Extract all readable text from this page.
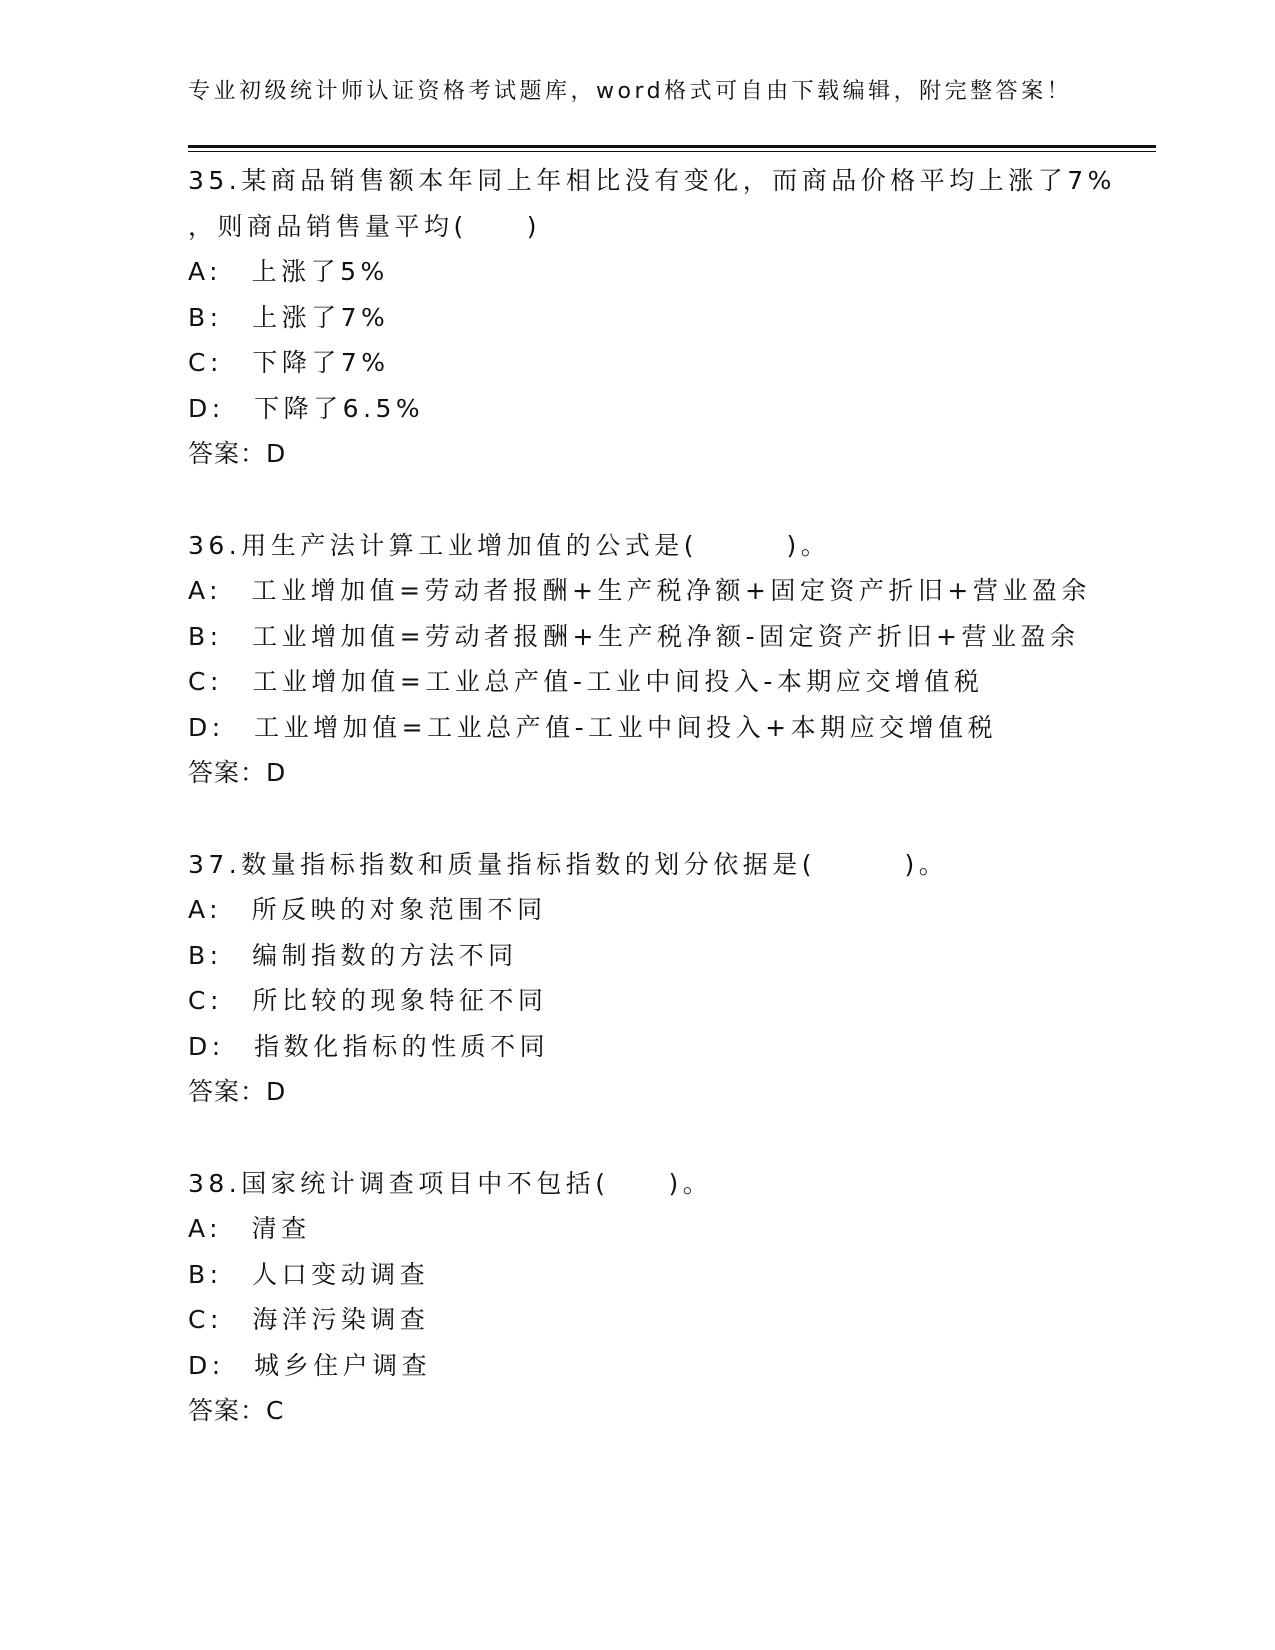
专业初级统计师认证资格考试题库，word格式可自由下载编辑，附完整答案！
35.某商品销售额本年同上年相比没有变化，而商品价格平均上涨了7%
，则商品销售量平均(　　)
A:　上涨了5%
B:　上涨了7%
C:　下降了7%
D:　下降了6.5%
答案：D
36.用生产法计算工业增加值的公式是(　　　)。
A:　工业增加值=劳动者报酬+生产税净额+固定资产折旧+营业盈余
B:　工业增加值=劳动者报酬+生产税净额-固定资产折旧+营业盈余
C:　工业增加值=工业总产值-工业中间投入-本期应交增值税
D:　工业增加值=工业总产值-工业中间投入+本期应交增值税
答案：D
37.数量指标指数和质量指标指数的划分依据是(　　　)。
A:　所反映的对象范围不同
B:　编制指数的方法不同
C:　所比较的现象特征不同
D:　指数化指标的性质不同
答案：D
38.国家统计调查项目中不包括(　　)。
A:　清查
B:　人口变动调查
C:　海洋污染调查
D:　城乡住户调查
答案：C
